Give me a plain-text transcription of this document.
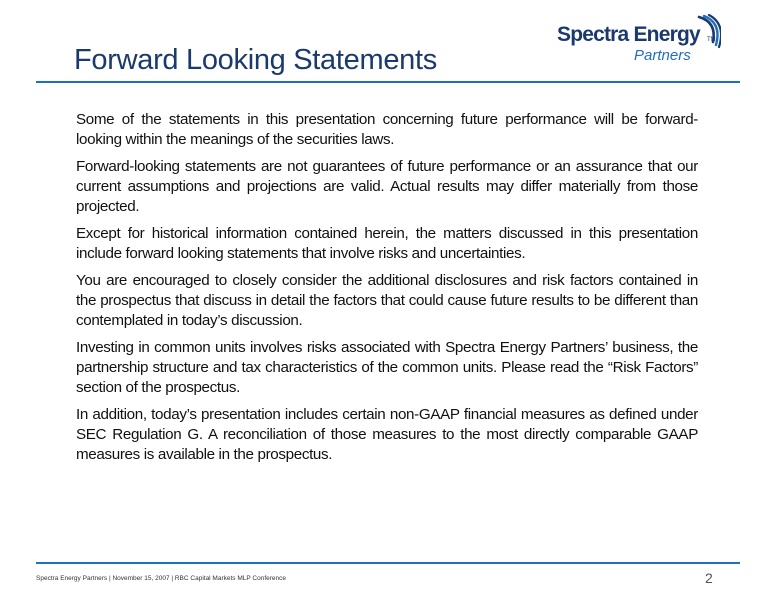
Forward Looking Statements
Spectra Energy TM
Partners

Some of the statements in this presentation concerning future performance will be forward-looking within the meanings of the securities laws.

Forward-looking statements are not guarantees of future performance or an assurance that our current assumptions and projections are valid. Actual results may differ materially from those projected.

Except for historical information contained herein, the matters discussed in this presentation include forward looking statements that involve risks and uncertainties.

You are encouraged to closely consider the additional disclosures and risk factors contained in the prospectus that discuss in detail the factors that could cause future results to be different than contemplated in today’s discussion.

Investing in common units involves risks associated with Spectra Energy Partners’ business, the partnership structure and tax characteristics of the common units. Please read the “Risk Factors” section of the prospectus.

In addition, today’s presentation includes certain non-GAAP financial measures as defined under SEC Regulation G. A reconciliation of those measures to the most directly comparable GAAP measures is available in the prospectus.

Spectra Energy Partners | November 15, 2007 | RBC Capital Markets MLP Conference	2
